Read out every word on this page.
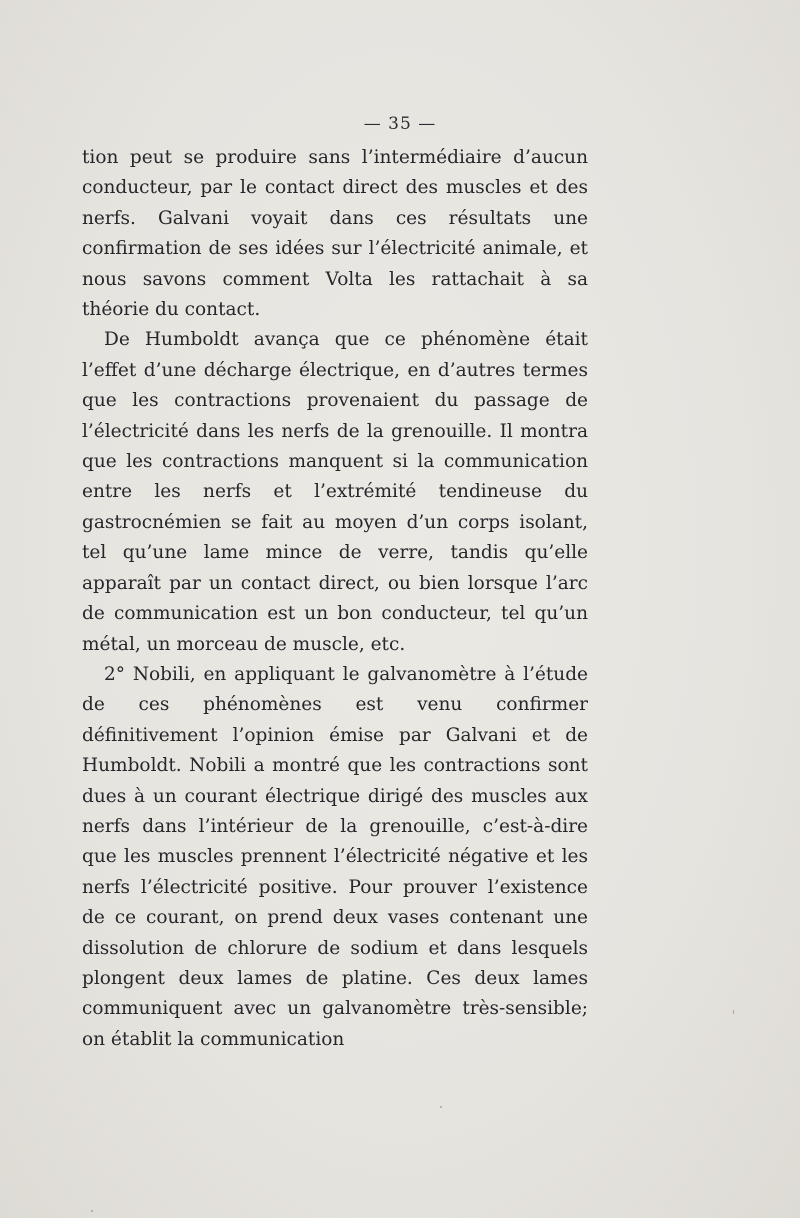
— 35 —

tion peut se produire sans l’intermédiaire d’aucun conducteur, par le contact direct des muscles et des nerfs. Galvani voyait dans ces résultats une confirmation de ses idées sur l’électricité animale, et nous savons comment Volta les rattachait à sa théorie du contact.

De Humboldt avança que ce phénomène était l’effet d’une décharge électrique, en d’autres termes que les contractions provenaient du passage de l’électricité dans les nerfs de la grenouille. Il montra que les contractions manquent si la communication entre les nerfs et l’extrémité tendineuse du gastrocnémien se fait au moyen d’un corps isolant, tel qu’une lame mince de verre, tandis qu’elle apparaît par un contact direct, ou bien lorsque l’arc de communication est un bon conducteur, tel qu’un métal, un morceau de muscle, etc.

2° Nobili, en appliquant le galvanomètre à l’étude de ces phénomènes est venu confirmer définitivement l’opinion émise par Galvani et de Humboldt. Nobili a montré que les contractions sont dues à un courant électrique dirigé des muscles aux nerfs dans l’intérieur de la grenouille, c’est-à-dire que les muscles prennent l’électricité négative et les nerfs l’électricité positive. Pour prouver l’existence de ce courant, on prend deux vases contenant une dissolution de chlorure de sodium et dans lesquels plongent deux lames de platine. Ces deux lames communiquent avec un galvanomètre très-sensible; on établit la communication
